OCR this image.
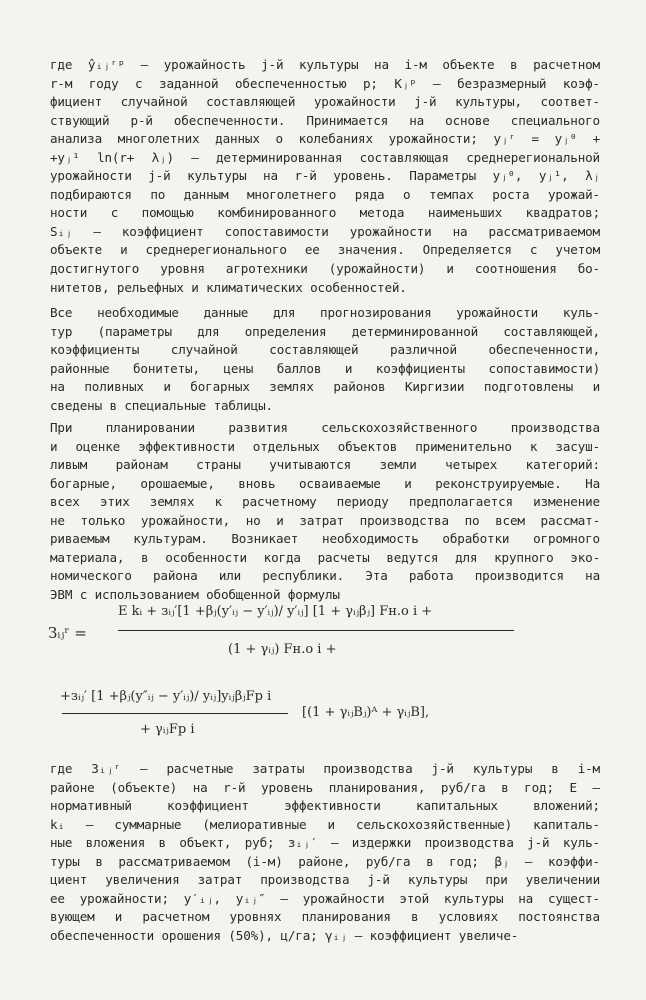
где ŷᵢⱼʳᵖ – урожайность j-й культуры на i-м объекте в расчетном
r-м году с заданной обеспеченностью p; Kⱼᵖ – безразмерный коэф-
фициент случайной составляющей урожайности j-й культуры, соответ-
ствующий p-й обеспеченности. Принимается на основе специального
анализа многолетних данных о колебаниях урожайности; yⱼʳ = yⱼ⁰ +
+yⱼ¹ ln(r+ λⱼ) – детерминированная составляющая среднерегиональной
урожайности j-й культуры на r-й уровень. Параметры yⱼ⁰, yⱼ¹, λⱼ
подбираются по данным многолетнего ряда о темпах роста урожай-
ности с помощью комбинированного метода наименьших квадратов;
Sᵢⱼ – коэффициент сопоставимости урожайности на рассматриваемом
объекте и среднерегионального ее значения. Определяется с учетом
достигнутого уровня агротехники (урожайности) и соотношения бо-
нитетов, рельефных и климатических особенностей.
Все необходимые данные для прогнозирования урожайности куль-
тур (параметры для определения детерминированной составляющей,
коэффициенты случайной составляющей различной обеспеченности,
районные бонитеты, цены баллов и коэффициенты сопоставимости)
на поливных и богарных землях районов Киргизии подготовлены и
сведены в специальные таблицы.
При планировании развития сельскохозяйственного производства
и оценке эффективности отдельных объектов применительно к засуш-
ливым районам страны учитываются земли четырех категорий:
богарные, орошаемые, вновь осваиваемые и реконструируемые. На
всех этих землях к расчетному периоду предполагается изменение
не только урожайности, но и затрат производства по всем рассмат-
риваемым культурам. Возникает необходимость обработки огромного
материала, в особенности когда расчеты ведутся для крупного эко-
номического района или республики. Эта работа производится на
ЭВМ с использованием обобщенной формулы
Зᵢⱼʳ =
E kᵢ + зᵢⱼ′[1 +βⱼ(y′ᵢⱼ − y′ᵢⱼ)/ y′ᵢⱼ] [1 + γᵢⱼβⱼ] Fн.о i +
(1 + γᵢⱼ) Fн.о i +
+зᵢⱼ′ [1 +βⱼ(y″ᵢⱼ − y′ᵢⱼ)/ yᵢⱼ]yᵢⱼβⱼFp i
+ γᵢⱼFp i
[(1 + γᵢⱼBⱼ)ᴬ + γᵢⱼB],
где Зᵢⱼʳ – расчетные затраты производства j-й культуры в i-м
районе (объекте) на r-й уровень планирования, руб/га в год; E –
нормативный коэффициент эффективности капитальных вложений;
kᵢ – суммарные (мелиоративные и сельскохозяйственные) капиталь-
ные вложения в объект, руб; зᵢⱼ′ – издержки производства j-й куль-
туры в рассматриваемом (i-м) районе, руб/га в год; βⱼ – коэффи-
циент увеличения затрат производства j-й культуры при увеличении
ее урожайности; y′ᵢⱼ, yᵢⱼ″ – урожайности этой культуры на сущест-
вующем и расчетном уровнях планирования в условиях постоянства
обеспеченности орошения (50%), ц/га; γᵢⱼ – коэффициент увеличе-
